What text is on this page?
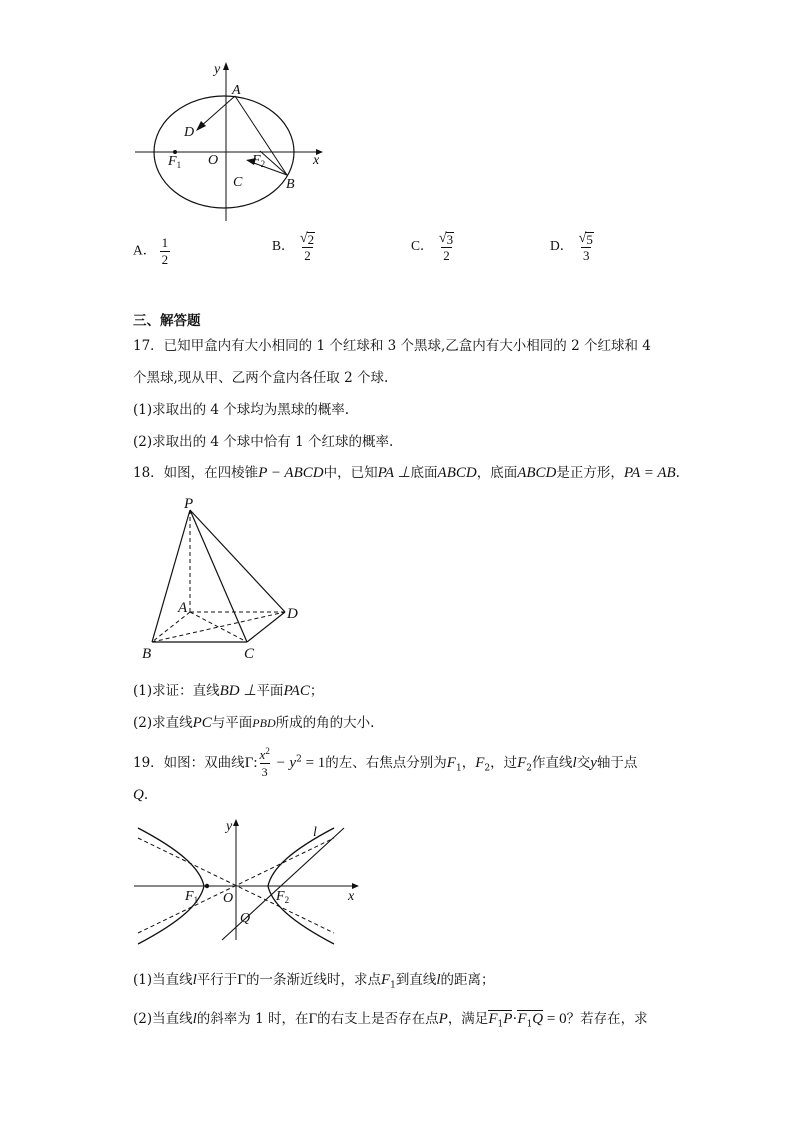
y
x
A
D
O
$F_1$	$F_2$
C	B
A． $\frac{1}{2}$	B． $\frac{√ 2}{2}$	C． $\frac{√ 3}{2}$	D． $\frac{√ 5}{3}$
三、解答题
17．已知甲盒内有大小相同的 1 个红球和 3 个黑球,乙盒内有大小相同的 2 个红球和 4
个黑球,现从甲、乙两个盒内各任取 2 个球.
(1)求取出的 4 个球均为黑球的概率.
(2)求取出的 4 个球中恰有 1 个红球的概率.
18．如图，在四棱锥P − ABCD中，已知PA ⊥底面ABCD，底面ABCD是正方形，PA = AB.
P
A	D
B	C
(1)求证：直线BD ⊥平面PAC；
(2)求直线PC与平面PBD所成的角的大小.
19．如图：双曲线Γ: $\frac{x^2}{3} - y^2 = 1$的左、右焦点分别为$F_1$，$F_2$，过$F_2$作直线l交y轴于点
Q.
y
x
l
O
Q
$F_1$	$F_2$
(1)当直线l平行于Γ的一条渐近线时，求点$F_1$到直线l的距离；
(2)当直线l的斜率为 1 时，在Γ的右支上是否存在点P，满足$F_1P\cdot F_1Q = 0$？若存在，求
